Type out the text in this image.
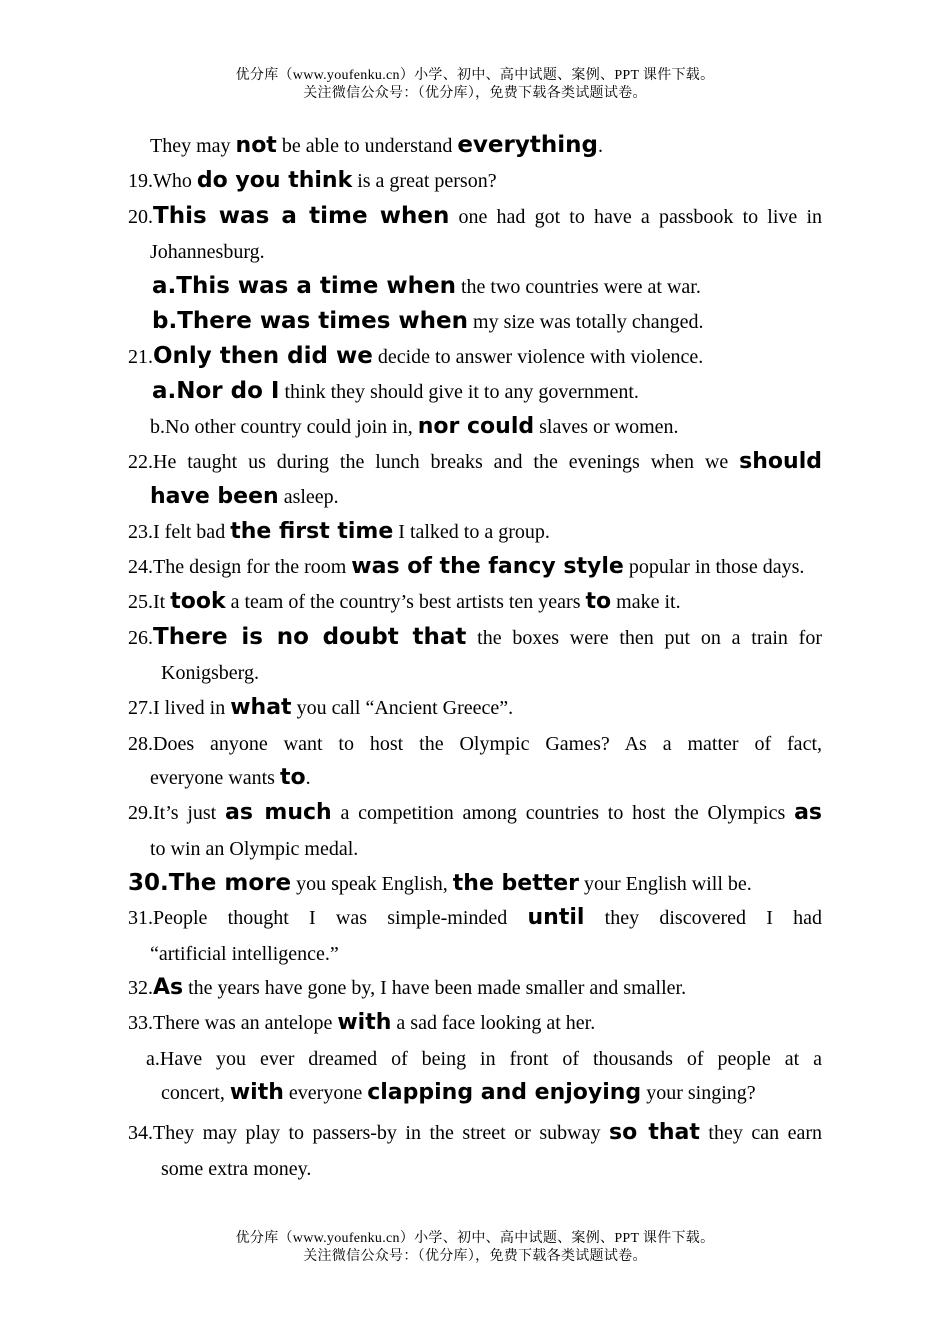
优分库（www.youfenku.cn）小学、初中、高中试题、案例、PPT 课件下载。
关注微信公众号：（优分库），免费下载各类试题试卷。
They may not be able to understand everything.
19.Who do you think is a great person?
20.This was a time when one had got to have a passbook to live in
Johannesburg.
a.This was a time when the two countries were at war.
b.There was times when my size was totally changed.
21.Only then did we decide to answer violence with violence.
a.Nor do I think they should give it to any government.
b.No other country could join in, nor could slaves or women.
22.He taught us during the lunch breaks and the evenings when we should
have been asleep.
23.I felt bad the first time I talked to a group.
24.The design for the room was of the fancy style popular in those days.
25.It took a team of the country’s best artists ten years to make it.
26.There is no doubt that the boxes were then put on a train for
Konigsberg.
27.I lived in what you call “Ancient Greece”.
28.Does anyone want to host the Olympic Games? As a matter of fact,
everyone wants to.
29.It’s just as much a competition among countries to host the Olympics as
to win an Olympic medal.
30.The more you speak English, the better your English will be.
31.People thought I was simple-minded until they discovered I had
“artificial intelligence.”
32.As the years have gone by, I have been made smaller and smaller.
33.There was an antelope with a sad face looking at her.
a.Have you ever dreamed of being in front of thousands of people at a
concert, with everyone clapping and enjoying your singing?
34.They may play to passers-by in the street or subway so that they can earn
some extra money.
优分库（www.youfenku.cn）小学、初中、高中试题、案例、PPT 课件下载。
关注微信公众号：（优分库），免费下载各类试题试卷。
